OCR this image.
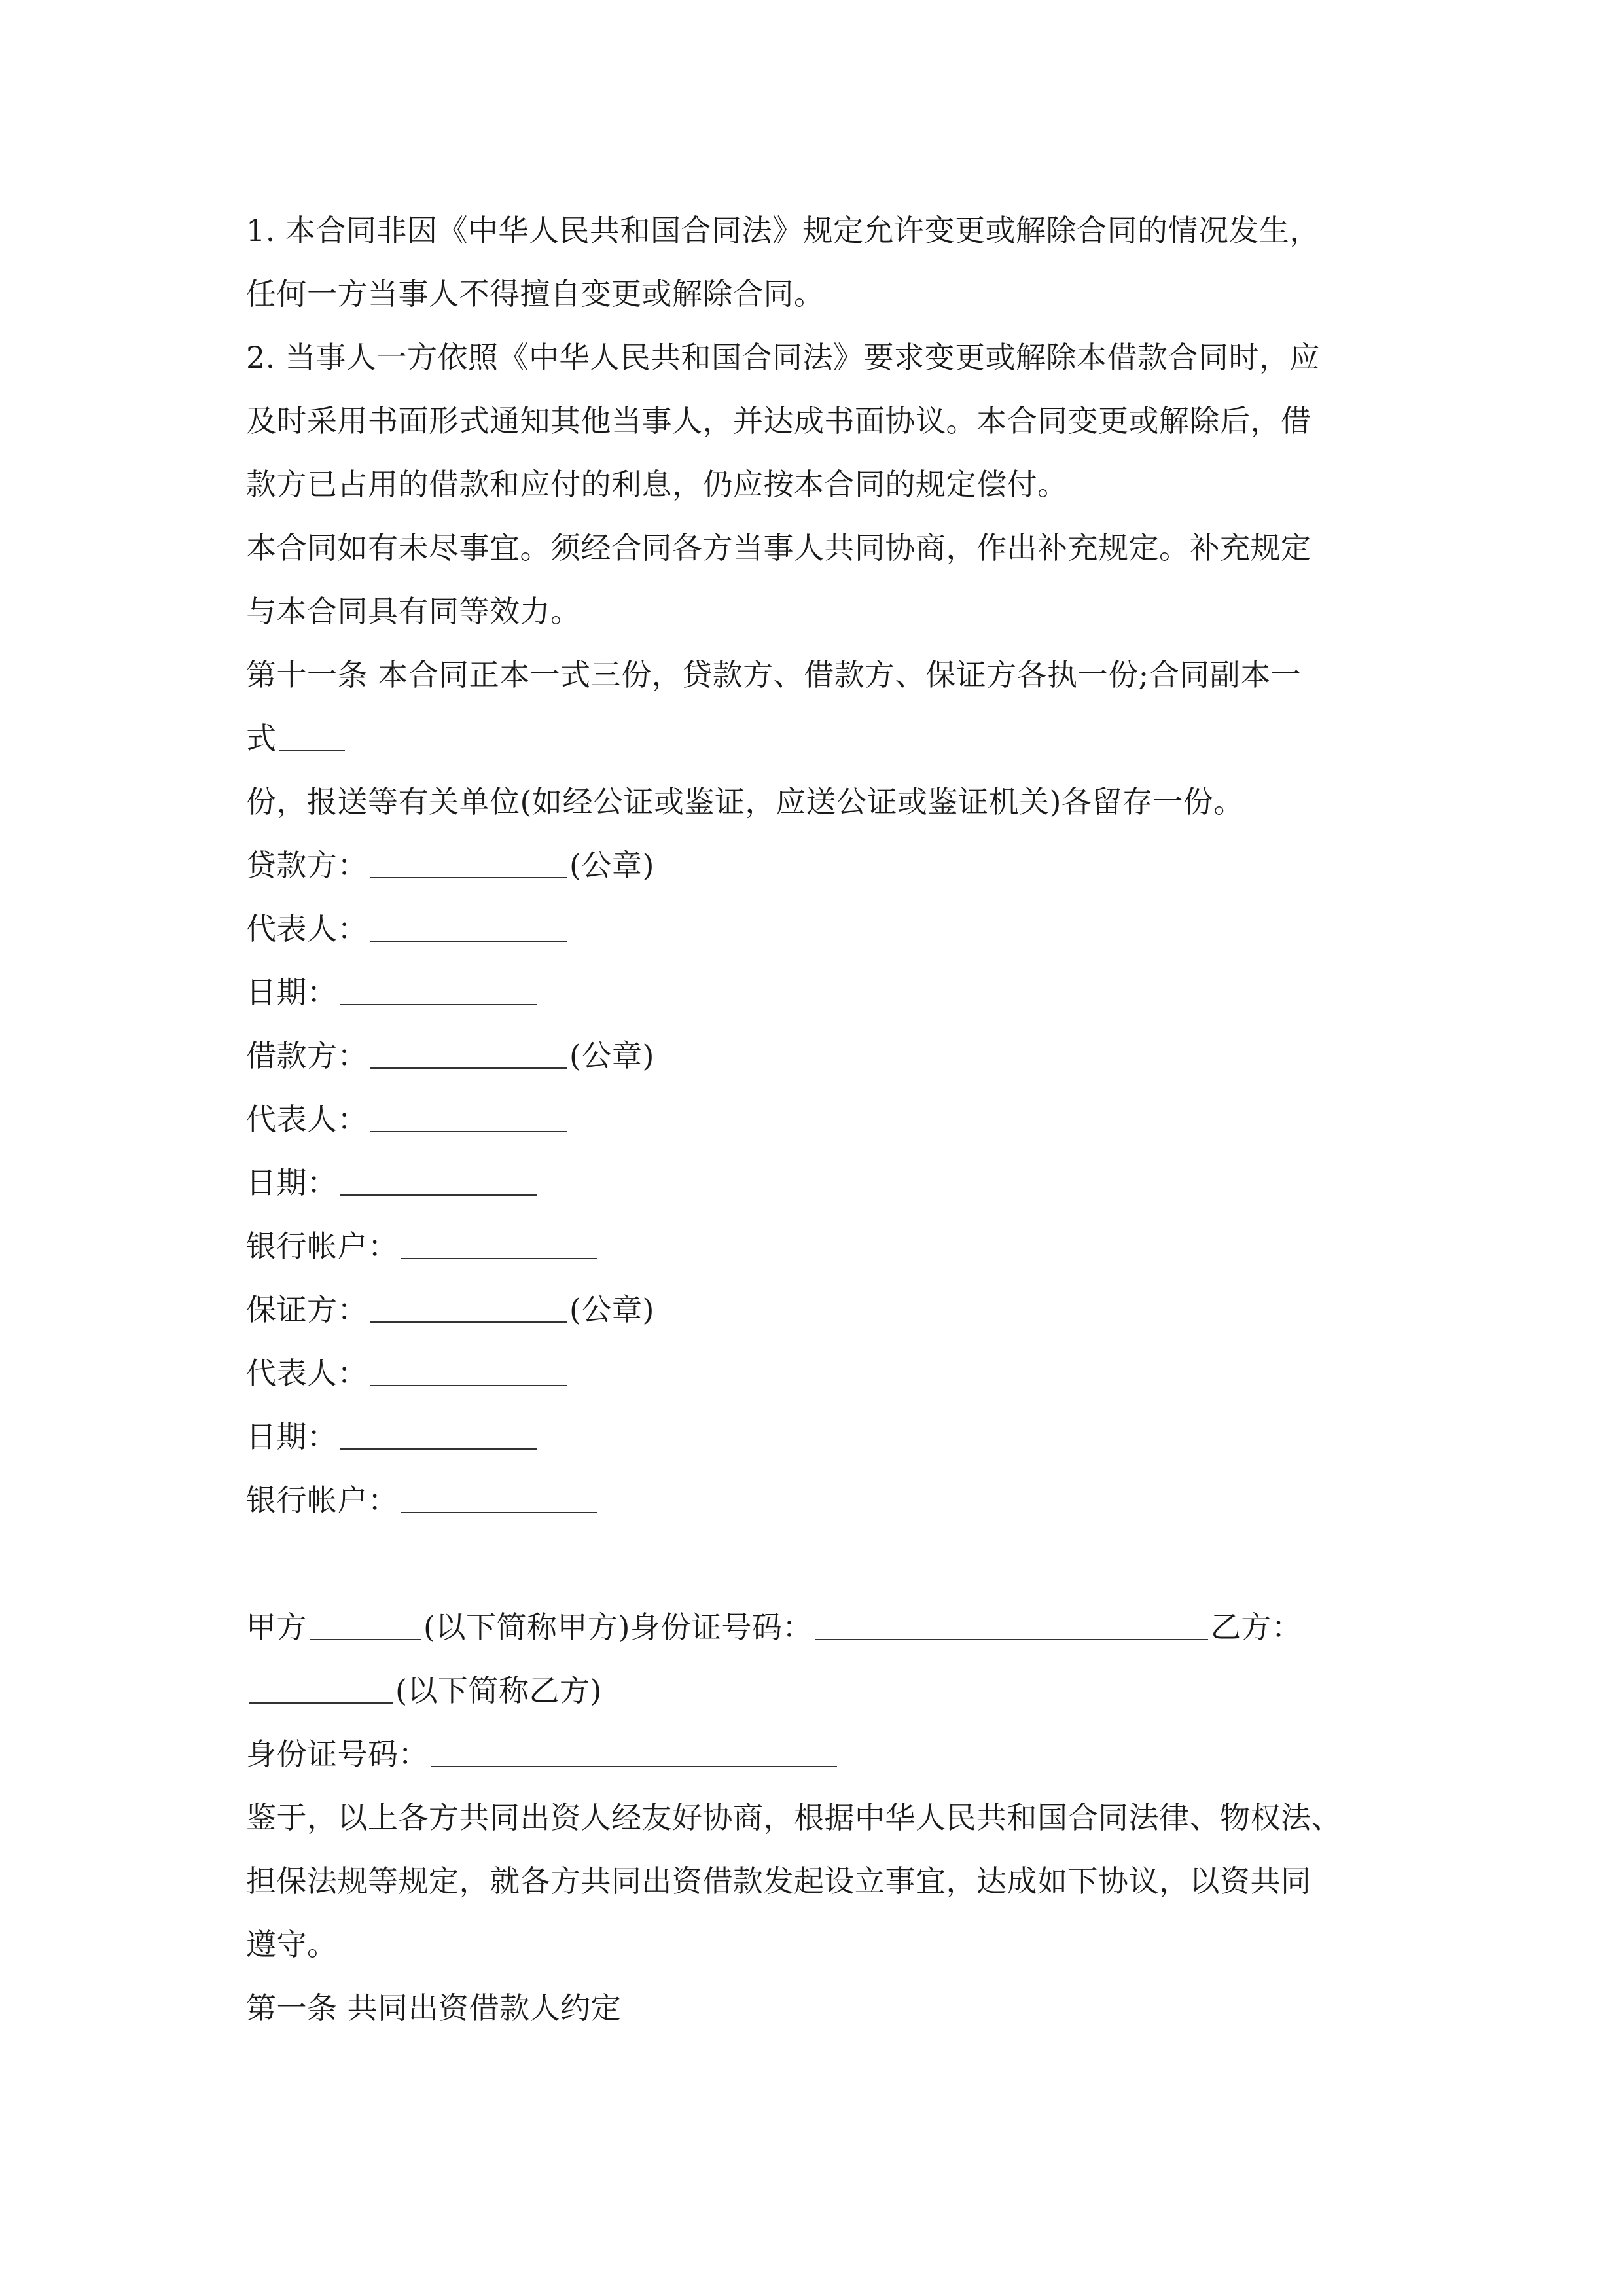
1. 本合同非因《中华人民共和国合同法》规定允许变更或解除合同的情况发生，
任何一方当事人不得擅自变更或解除合同。
2. 当事人一方依照《中华人民共和国合同法》要求变更或解除本借款合同时，应
及时采用书面形式通知其他当事人，并达成书面协议。本合同变更或解除后，借
款方已占用的借款和应付的利息，仍应按本合同的规定偿付。
本合同如有未尽事宜。须经合同各方当事人共同协商，作出补充规定。补充规定
与本合同具有同等效力。
第十一条 本合同正本一式三份，贷款方、借款方、保证方各执一份;合同副本一
式
份，报送等有关单位(如经公证或鉴证，应送公证或鉴证机关)各留存一份。
贷款方：	(公章)
代表人：
日期：
借款方：	(公章)
代表人：
日期：
银行帐户：
保证方：	(公章)
代表人：
日期：
银行帐户：
甲方	(以下简称甲方)身份证号码：	乙方：
(以下简称乙方)
身份证号码：
鉴于，以上各方共同出资人经友好协商，根据中华人民共和国合同法律、物权法、
担保法规等规定，就各方共同出资借款发起设立事宜，达成如下协议，以资共同
遵守。
第一条 共同出资借款人约定
